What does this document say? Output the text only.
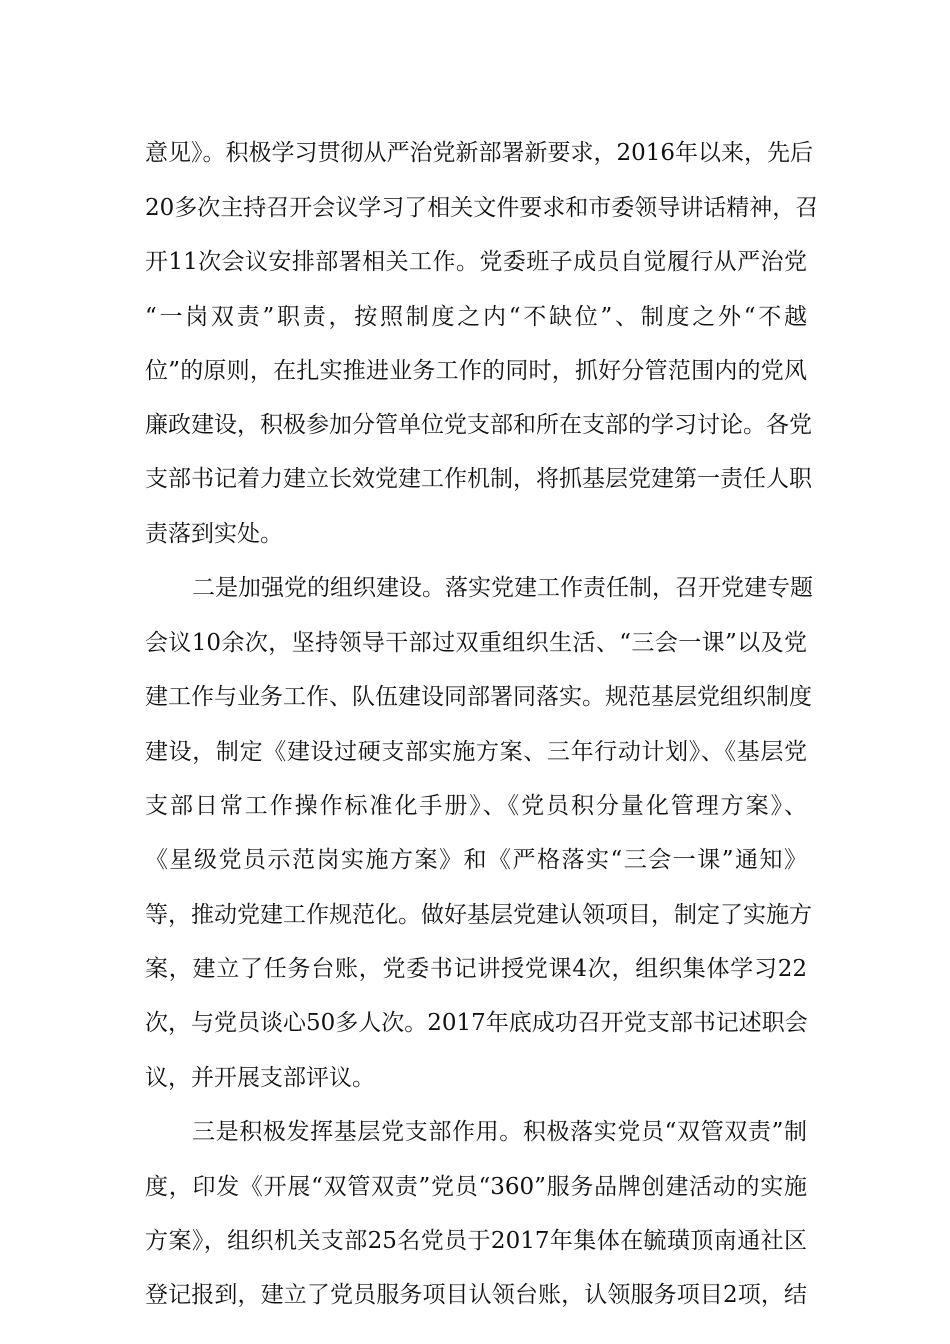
意见》。积极学习贯彻从严治党新部署新要求，2016年以来，先后
20多次主持召开会议学习了相关文件要求和市委领导讲话精神，召
开11次会议安排部署相关工作。党委班子成员自觉履行从严治党
“一岗双责”职责，按照制度之内“不缺位”、制度之外“不越
位”的原则，在扎实推进业务工作的同时，抓好分管范围内的党风
廉政建设，积极参加分管单位党支部和所在支部的学习讨论。各党
支部书记着力建立长效党建工作机制，将抓基层党建第一责任人职
责落到实处。
二是加强党的组织建设。落实党建工作责任制，召开党建专题
会议10余次，坚持领导干部过双重组织生活、“三会一课”以及党
建工作与业务工作、队伍建设同部署同落实。规范基层党组织制度
建设，制定《建设过硬支部实施方案、三年行动计划》、《基层党
支部日常工作操作标准化手册》、《党员积分量化管理方案》、
《星级党员示范岗实施方案》和《严格落实“三会一课”通知》
等，推动党建工作规范化。做好基层党建认领项目，制定了实施方
案，建立了任务台账，党委书记讲授党课4次，组织集体学习22
次，与党员谈心50多人次。2017年底成功召开党支部书记述职会
议，并开展支部评议。
三是积极发挥基层党支部作用。积极落实党员“双管双责”制
度，印发《开展“双管双责”党员“360”服务品牌创建活动的实施
方案》，组织机关支部25名党员于2017年集体在毓璜顶南通社区
登记报到，建立了党员服务项目认领台账，认领服务项目2项，结
